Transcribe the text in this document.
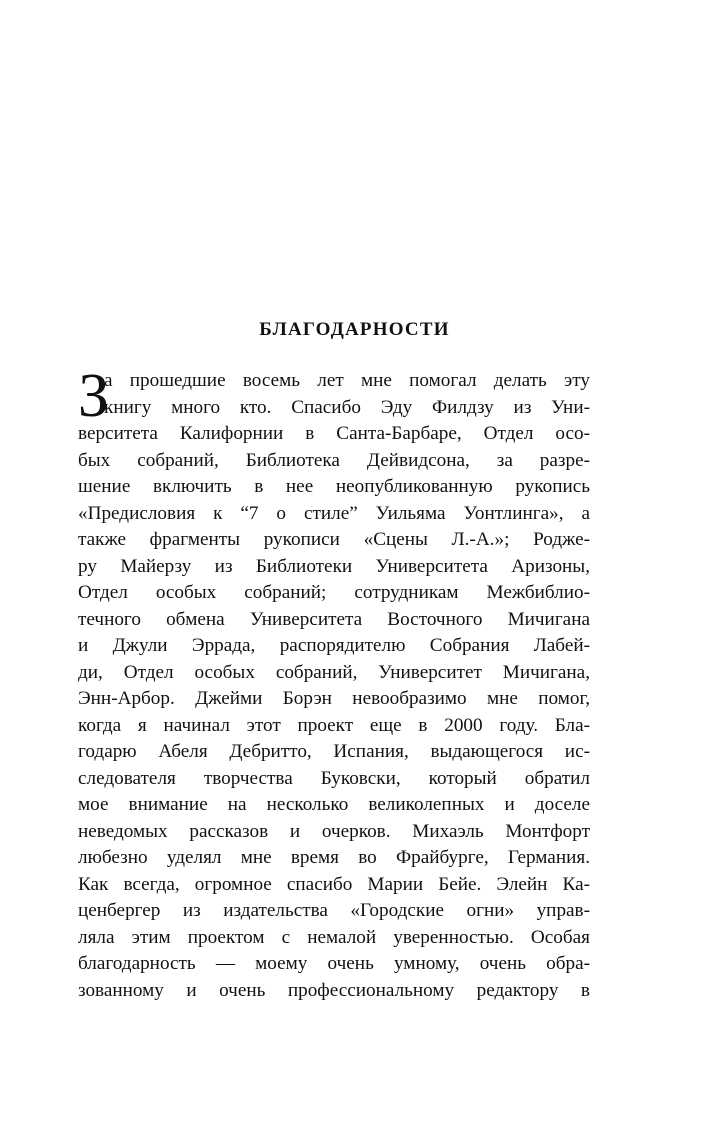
БЛАГОДАРНОСТИ
З
а прошедшие восемь лет мне помогал делать эту
книгу много кто. Спасибо Эду Филдзу из Уни-
верситета Калифорнии в Санта-Барбаре, Отдел осо-
бых собраний, Библиотека Дейвидсона, за разре-
шение включить в нее неопубликованную рукопись
«Предисловия к “7 о стиле” Уильяма Уонтлинга», а
также фрагменты рукописи «Сцены Л.-А.»; Родже-
ру Майерзу из Библиотеки Университета Аризоны,
Отдел особых собраний; сотрудникам Межбиблио-
течного обмена Университета Восточного Мичигана
и Джули Эррада, распорядителю Собрания Лабей-
ди, Отдел особых собраний, Университет Мичигана,
Энн-Арбор. Джейми Борэн невообразимо мне помог,
когда я начинал этот проект еще в 2000 году. Бла-
годарю Абеля Дебритто, Испания, выдающегося ис-
следователя творчества Буковски, который обратил
мое внимание на несколько великолепных и доселе
неведомых рассказов и очерков. Михаэль Монтфорт
любезно уделял мне время во Фрайбурге, Германия.
Как всегда, огромное спасибо Марии Бейе. Элейн Ка-
ценбергер из издательства «Городские огни» управ-
ляла этим проектом с немалой уверенностью. Особая
благодарность — моему очень умному, очень обра-
зованному и очень профессиональному редактору в
